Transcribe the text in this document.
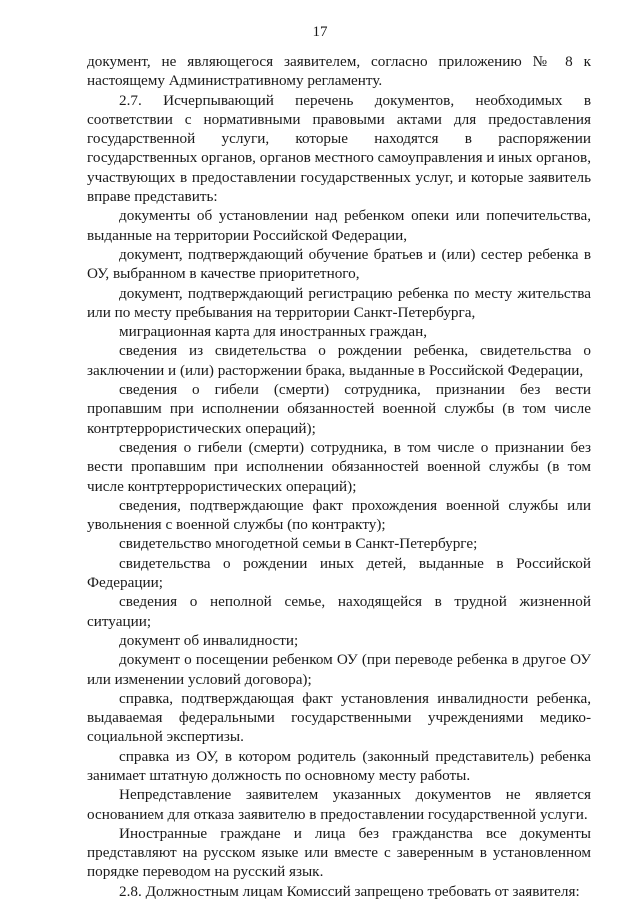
17

документ, не являющегося заявителем, согласно приложению № 8 к настоящему Административному регламенту.

2.7. Исчерпывающий перечень документов, необходимых в соответствии с нормативными правовыми актами для предоставления государственной услуги, которые находятся в распоряжении государственных органов, органов местного самоуправления и иных органов, участвующих в предоставлении государственных услуг, и которые заявитель вправе представить:

документы об установлении над ребенком опеки или попечительства, выданные на территории Российской Федерации,

документ, подтверждающий обучение братьев и (или) сестер ребенка в ОУ, выбранном в качестве приоритетного,

документ, подтверждающий регистрацию ребенка по месту жительства или по месту пребывания на территории Санкт-Петербурга,

миграционная карта для иностранных граждан,

сведения из свидетельства о рождении ребенка, свидетельства о заключении и (или) расторжении брака, выданные в Российской Федерации,

сведения о гибели (смерти) сотрудника, признании без вести пропавшим при исполнении обязанностей военной службы (в том числе контртеррористических операций);

сведения о гибели (смерти) сотрудника, в том числе о признании без вести пропавшим при исполнении обязанностей военной службы (в том числе контртеррористических операций);

сведения, подтверждающие факт прохождения военной службы или увольнения с военной службы (по контракту);

свидетельство многодетной семьи в Санкт-Петербурге;

свидетельства о рождении иных детей, выданные в Российской Федерации;

сведения о неполной семье, находящейся в трудной жизненной ситуации;

документ об инвалидности;

документ о посещении ребенком ОУ (при переводе ребенка в другое ОУ или изменении условий договора);

справка, подтверждающая факт установления инвалидности ребенка, выдаваемая федеральными государственными учреждениями медико-социальной экспертизы.

справка из ОУ, в котором родитель (законный представитель) ребенка занимает штатную должность по основному месту работы.

Непредставление заявителем указанных документов не является основанием для отказа заявителю в предоставлении государственной услуги.

Иностранные граждане и лица без гражданства все документы представляют на русском языке или вместе с заверенным в установленном порядке переводом на русский язык.

2.8. Должностным лицам Комиссий запрещено требовать от заявителя:
